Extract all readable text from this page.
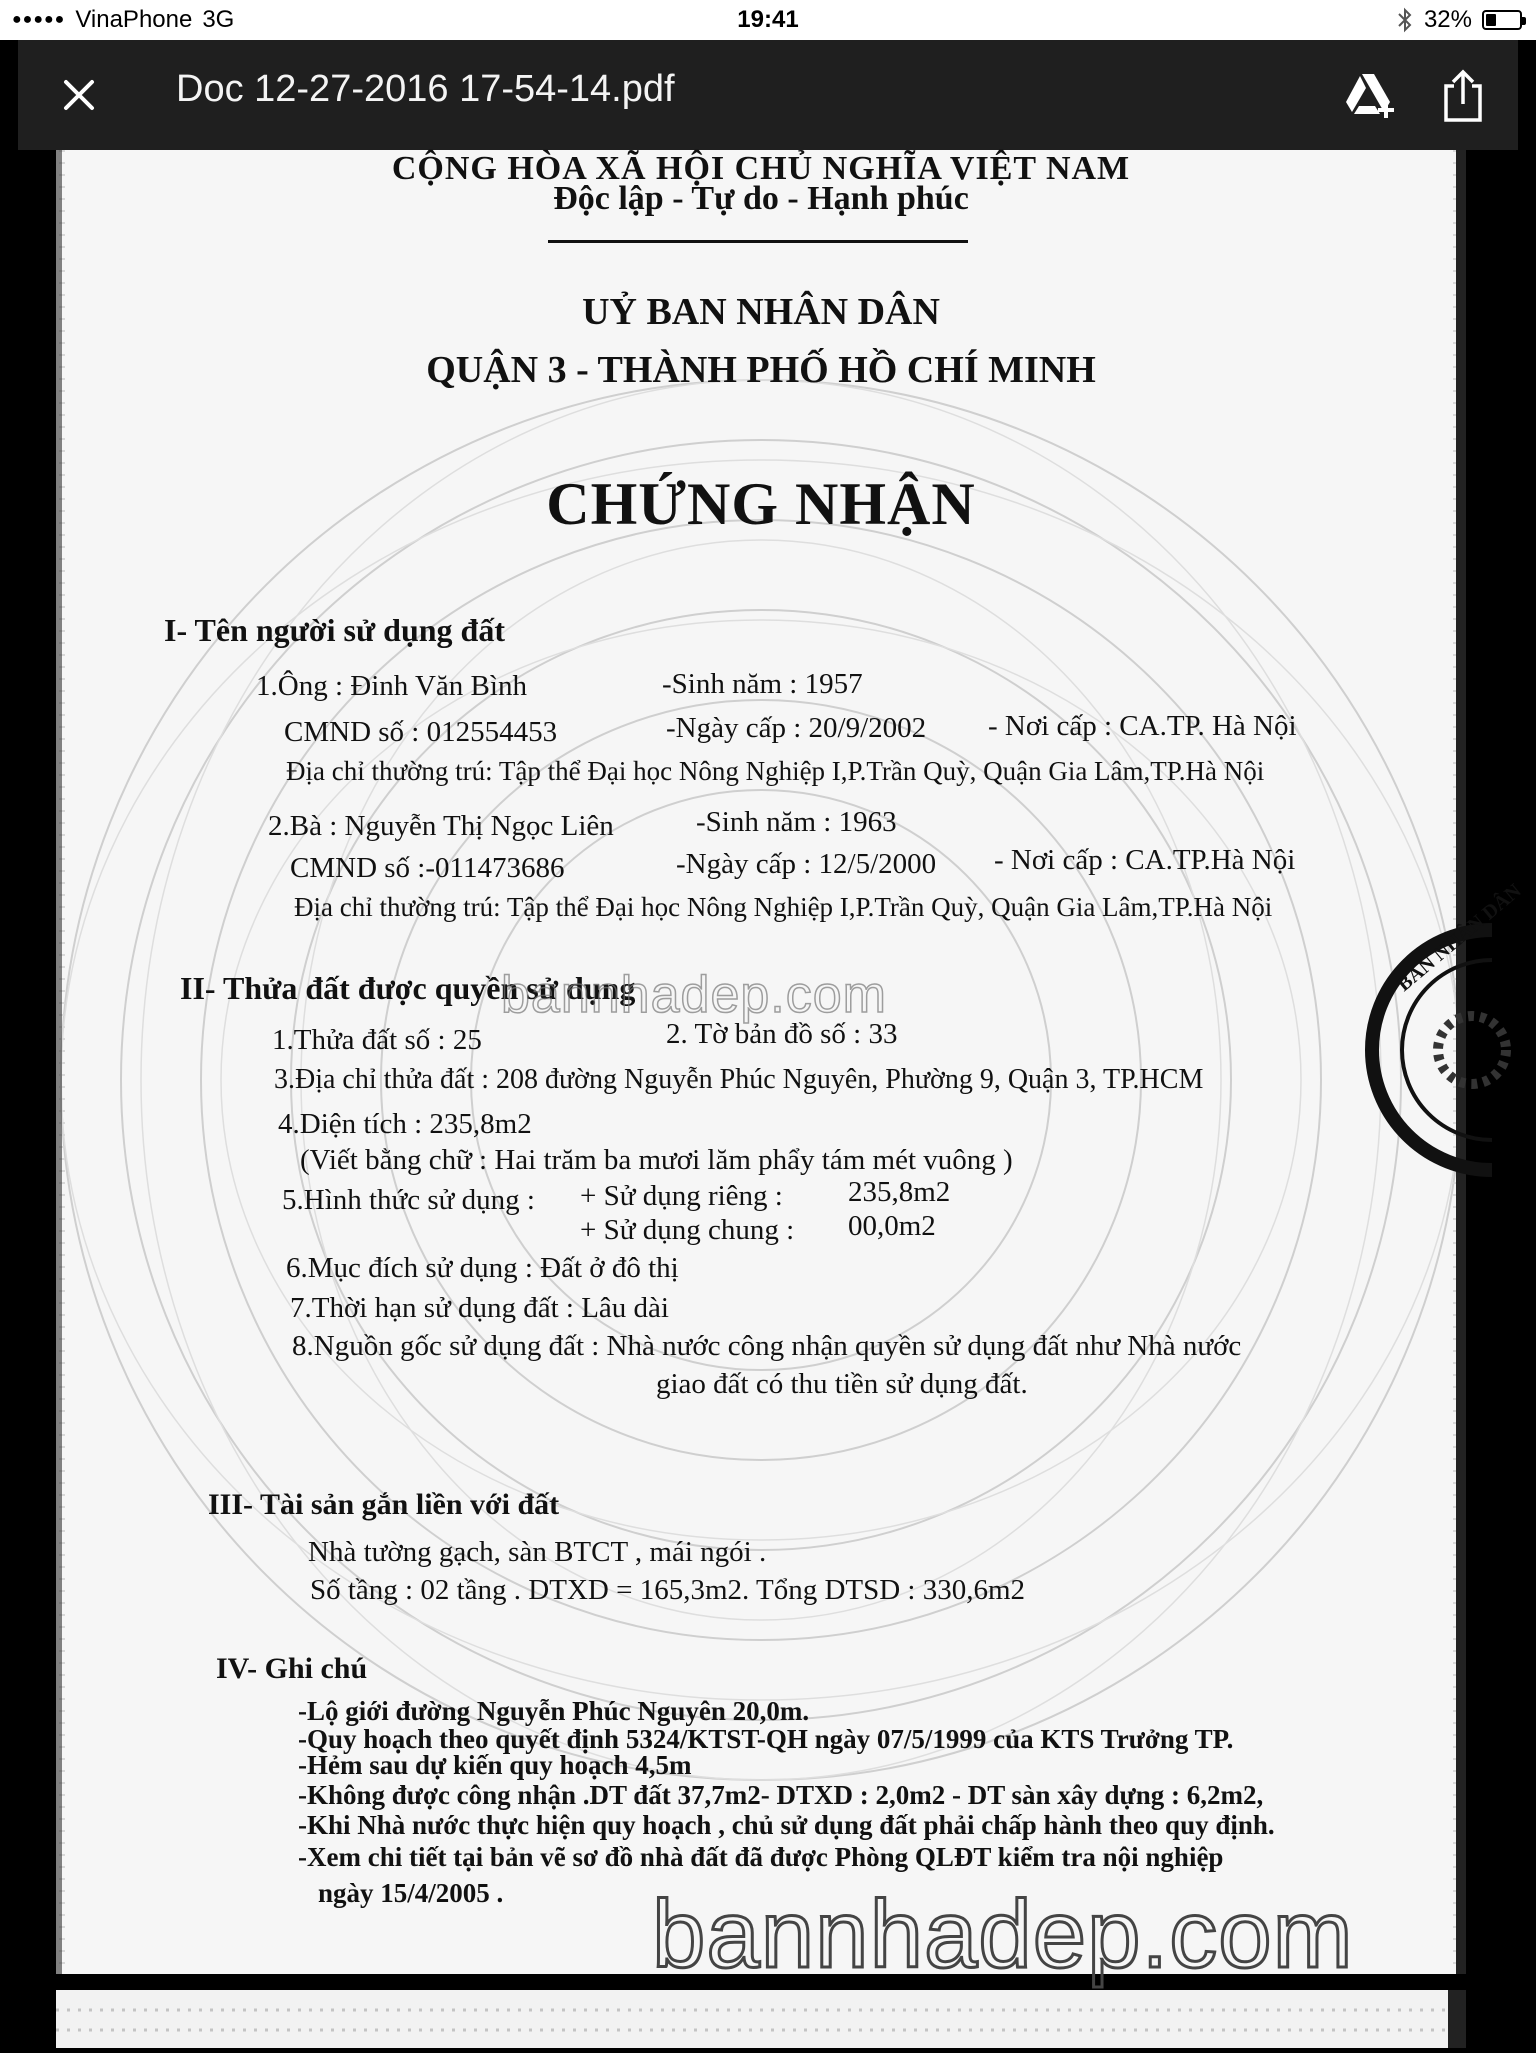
●●●●● VinaPhone 3G	19:41	32%
Doc 12-27-2016 17-54-14.pdf
CỘNG HÒA XÃ HỘI CHỦ NGHĨA VIỆT NAM
Độc lập - Tự do - Hạnh phúc
UỶ BAN NHÂN DÂN
QUẬN 3 - THÀNH PHỐ HỒ CHÍ MINH
CHỨNG NHẬN
I- Tên người sử dụng đất
1.Ông : Đinh Văn Bình	-Sinh năm : 1957
CMND số : 012554453	-Ngày cấp : 20/9/2002 - Nơi cấp : CA.TP. Hà Nội
Địa chỉ thường trú: Tập thể Đại học Nông Nghiệp I,P.Trần Quỳ, Quận Gia Lâm,TP.Hà Nội
2.Bà : Nguyễn Thị Ngọc Liên	-Sinh năm : 1963
CMND số :-011473686	-Ngày cấp : 12/5/2000 - Nơi cấp : CA.TP.Hà Nội
Địa chỉ thường trú: Tập thể Đại học Nông Nghiệp I,P.Trần Quỳ, Quận Gia Lâm,TP.Hà Nội
II- Thửa đất được quyền sử dụng
1.Thửa đất số : 25	2. Tờ bản đồ số : 33
3.Địa chỉ thửa đất : 208 đường Nguyễn Phúc Nguyên, Phường 9, Quận 3, TP.HCM
4.Diện tích : 235,8m2
(Viết bằng chữ : Hai trăm ba mươi lăm phẩy tám mét vuông )
5.Hình thức sử dụng : + Sử dụng riêng : 235,8m2
+ Sử dụng chung : 00,0m2
6.Mục đích sử dụng : Đất ở đô thị
7.Thời hạn sử dụng đất : Lâu dài
8.Nguồn gốc sử dụng đất : Nhà nước công nhận quyền sử dụng đất như Nhà nước
giao đất có thu tiền sử dụng đất.
III- Tài sản gắn liền với đất
Nhà tường gạch, sàn BTCT , mái ngói .
Số tầng : 02 tầng . DTXD = 165,3m2. Tổng DTSD : 330,6m2
IV- Ghi chú
-Lộ giới đường Nguyễn Phúc Nguyên 20,0m.
-Quy hoạch theo quyết định 5324/KTST-QH ngày 07/5/1999 của KTS Trưởng TP.
-Hẻm sau dự kiến quy hoạch 4,5m
-Không được công nhận .DT đất 37,7m2- DTXD : 2,0m2 - DT sàn xây dựng : 6,2m2,
-Khi Nhà nước thực hiện quy hoạch , chủ sử dụng đất phải chấp hành theo quy định.
-Xem chi tiết tại bản vẽ sơ đồ nhà đất đã được Phòng QLĐT kiểm tra nội nghiệp
ngày 15/4/2005 .
BAN NHÂN DÂN
bannhadep.com
bannhadep.com
